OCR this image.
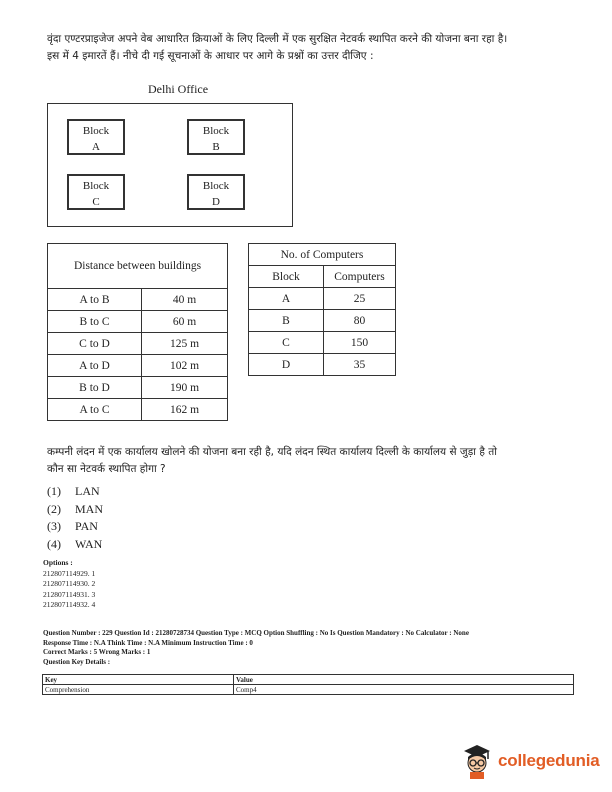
वृंदा एण्टरप्राइजेज अपने वेब आधारित क्रियाओं के लिए दिल्ली में एक सुरक्षित नेटवर्क स्थापित करने की योजना बना रहा है।
इस में 4 इमारतें हैं। नीचे दी गई सूचनाओं के आधार पर आगे के प्रश्नों का उत्तर दीजिए :
Delhi Office
Block
A
Block
B
Block
C
Block
D
Distance between buildings	
A to B	40 m
B to C	60 m
C to D	125 m
A to D	102 m
B to D	190 m
A to C	162 m
No. of Computers	
Block	Computers
A	25
B	80
C	150
D	35
कम्पनी लंदन में एक कार्यालय खोलने की योजना बना रही है, यदि लंदन स्थित कार्यालय दिल्ली के कार्यालय से जुड़ा है तो
कौन सा नेटवर्क स्थापित होगा ?
(1) LAN
(2) MAN
(3) PAN
(4) WAN
Options :
212807114929. 1
212807114930. 2
212807114931. 3
212807114932. 4
Question Number : 229 Question Id : 21280728734 Question Type : MCQ Option Shuffling : No Is Question Mandatory : No Calculator : None
Response Time : N.A Think Time : N.A Minimum Instruction Time : 0
Correct Marks : 5 Wrong Marks : 1
Question Key Details :
Key	Value
Comprehension	Comp4
collegedunia
